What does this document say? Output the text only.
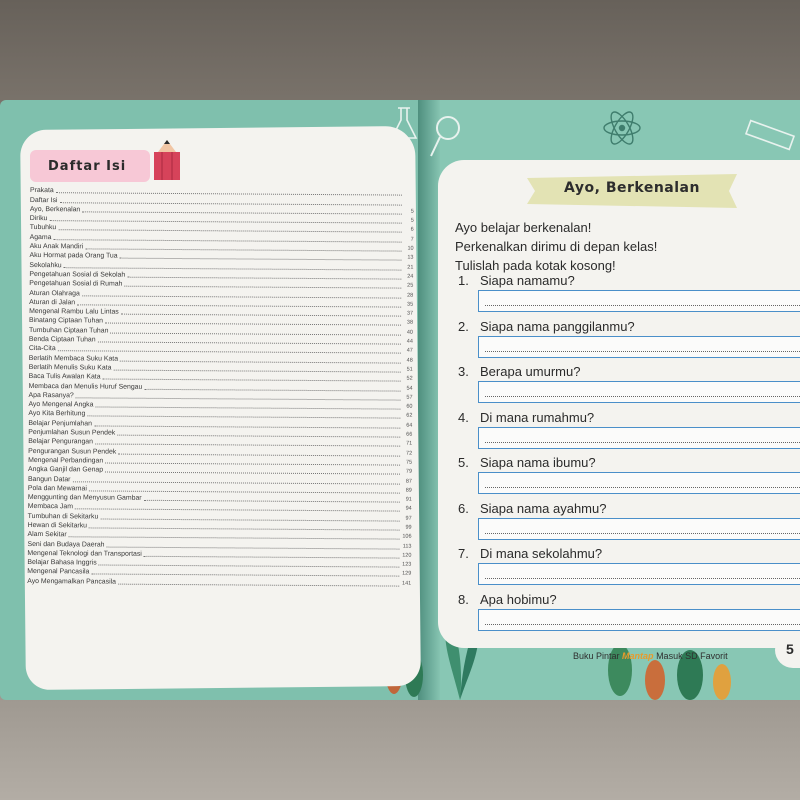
Daftar Isi
Prakata
Daftar Isi
Ayo, Berkenalan	5
Diriku	5
Tubuhku	6
Agama	7
Aku Anak Mandiri	10
Aku Hormat pada Orang Tua	13
Sekolahku	21
Pengetahuan Sosial di Sekolah	24
Pengetahuan Sosial di Rumah	25
Aturan Olahraga	28
Aturan di Jalan	35
Mengenal Rambu Lalu Lintas	37
Binatang Ciptaan Tuhan	38
Tumbuhan Ciptaan Tuhan	40
Benda Ciptaan Tuhan	44
Cita-Cita	47
Berlatih Membaca Suku Kata	48
Berlatih Menulis Suku Kata	51
Baca Tulis Awalan Kata	52
Membaca dan Menulis Huruf Sengau	54
Apa Rasanya?	57
Ayo Mengenal Angka	60
Ayo Kita Berhitung	62
Belajar Penjumlahan	64
Penjumlahan Susun Pendek	66
Belajar Pengurangan	71
Pengurangan Susun Pendek	72
Mengenal Perbandingan	75
Angka Ganjil dan Genap	79
Bangun Datar	87
Pola dan Mewarnai	89
Menggunting dan Menyusun Gambar	91
Membaca Jam	94
Tumbuhan di Sekitarku	97
Hewan di Sekitarku	99
Alam Sekitar	106
Seni dan Budaya Daerah	113
Mengenal Teknologi dan Transportasi	120
Belajar Bahasa Inggris	123
Mengenal Pancasila	129
Ayo Mengamalkan Pancasila	141
Ayo, Berkenalan
Ayo belajar berkenalan!
Perkenalkan dirimu di depan kelas!
Tulislah pada kotak kosong!
1. Siapa namamu?
2. Siapa nama panggilanmu?
3. Berapa umurmu?
4. Di mana rumahmu?
5. Siapa nama ibumu?
6. Siapa nama ayahmu?
7. Di mana sekolahmu?
8. Apa hobimu?
Buku Pintar Mantap Masuk SD Favorit	5
